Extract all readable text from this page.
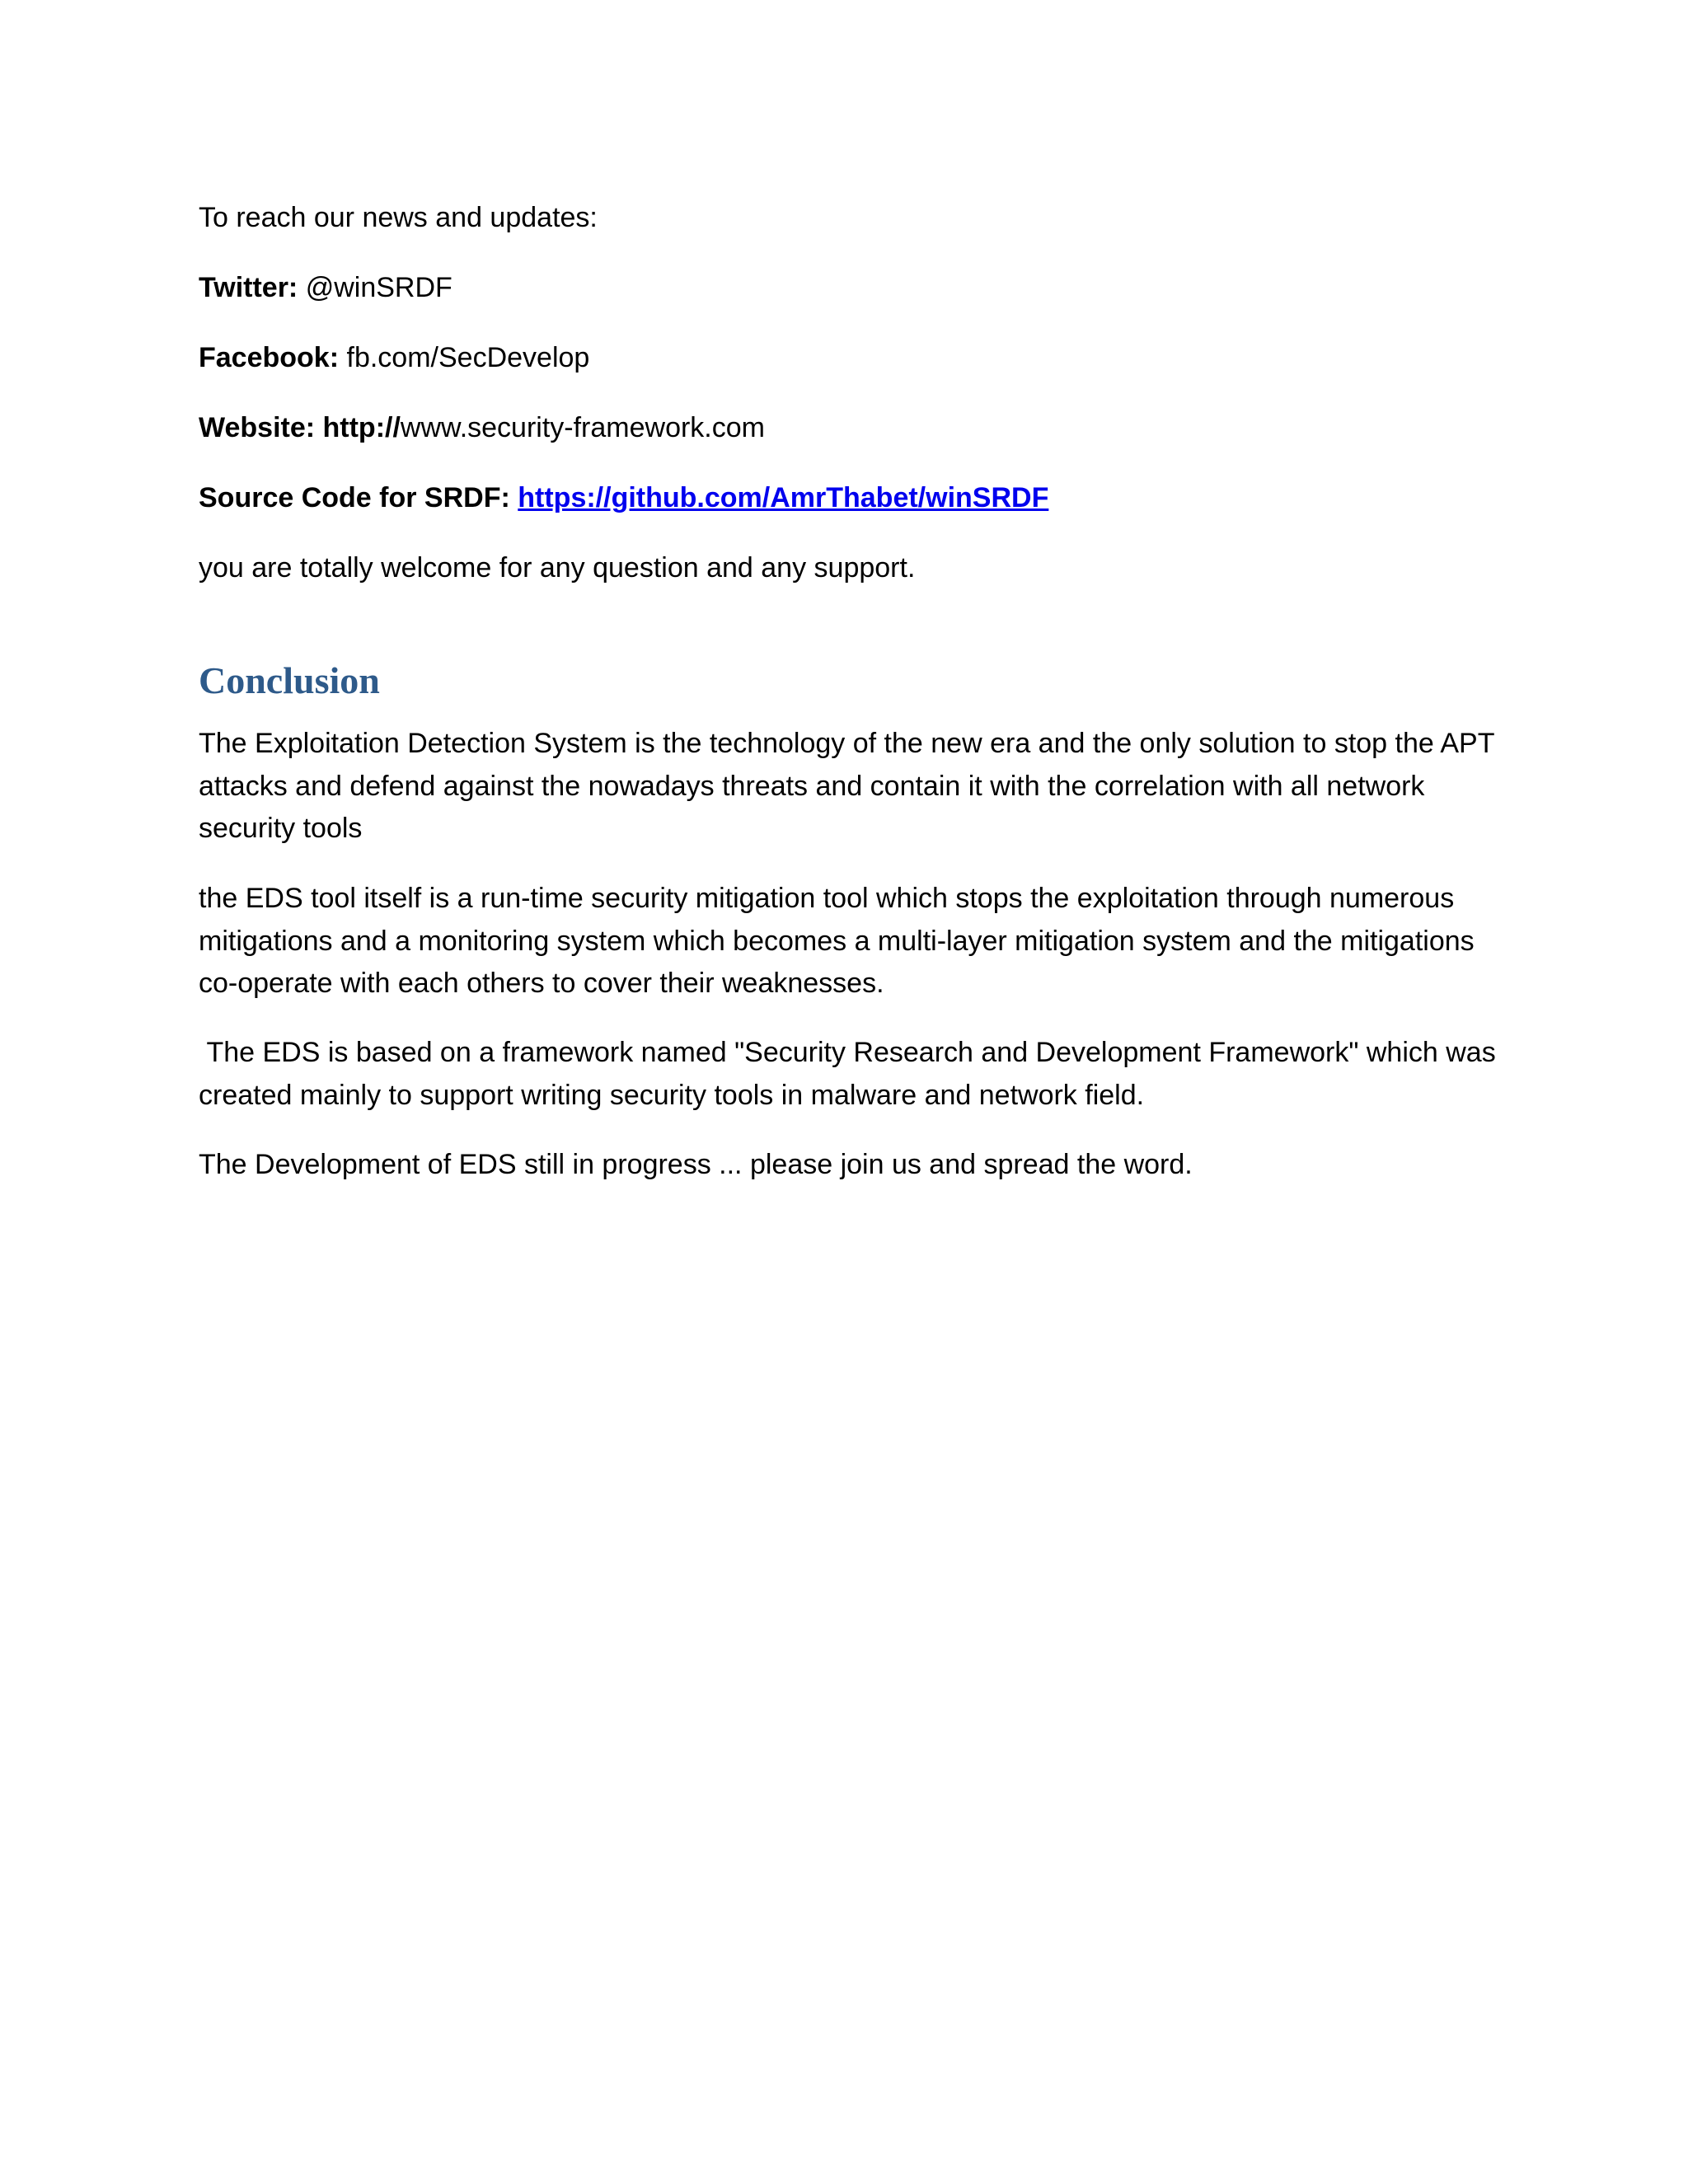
To reach our news and updates:

Twitter: @winSRDF

Facebook: fb.com/SecDevelop

Website: http://www.security-framework.com

Source Code for SRDF: https://github.com/AmrThabet/winSRDF

you are totally welcome for any question and any support.

Conclusion

The Exploitation Detection System is the technology of the new era and the only solution to stop the APT attacks and defend against the nowadays threats and contain it with the correlation with all network security tools

the EDS tool itself is a run-time security mitigation tool which stops the exploitation through numerous mitigations and a monitoring system which becomes a multi-layer mitigation system and the mitigations co-operate with each others to cover their weaknesses.

The EDS is based on a framework named "Security Research and Development Framework" which was created mainly to support writing security tools in malware and network field.

The Development of EDS still in progress ... please join us and spread the word.
